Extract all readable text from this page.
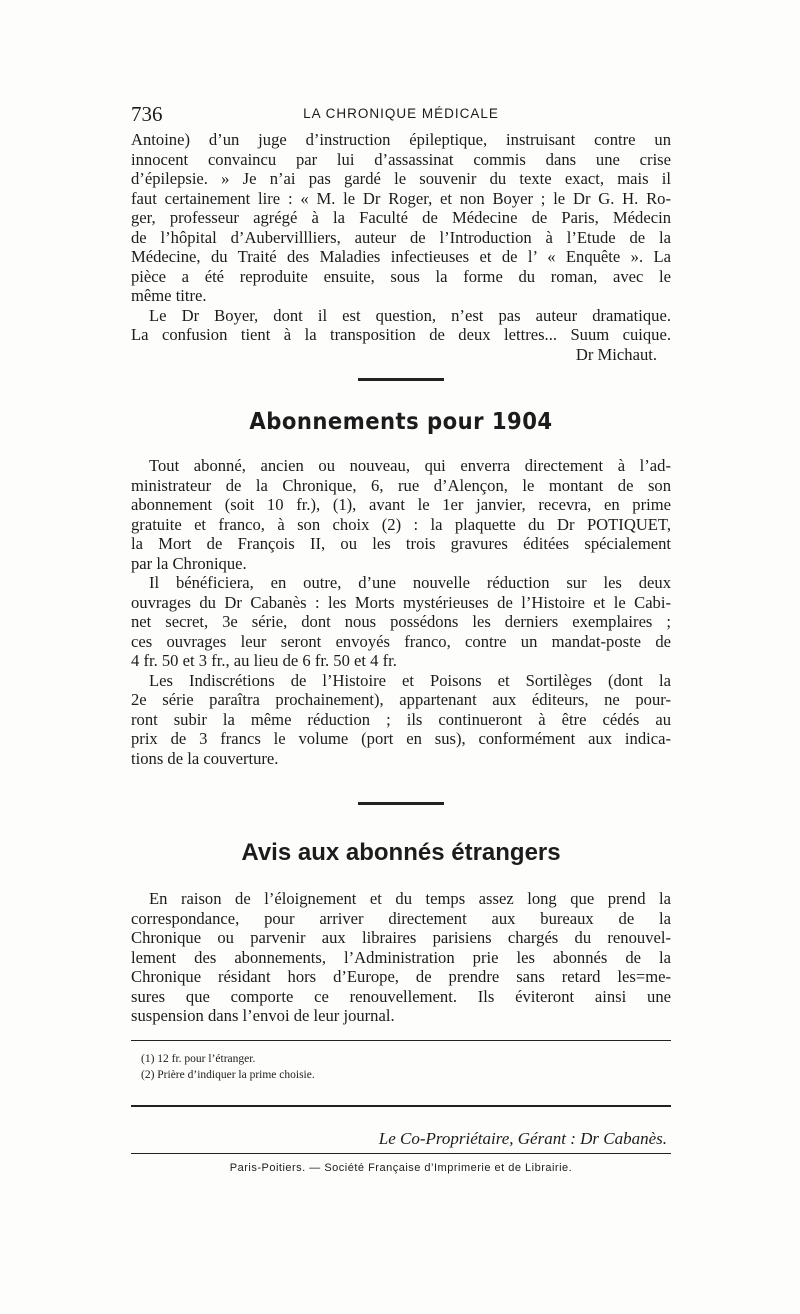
736	LA CHRONIQUE MÉDICALE
Antoine) d’un juge d’instruction épileptique, instruisant contre un
innocent convaincu par lui d’assassinat commis dans une crise
d’épilepsie. » Je n’ai pas gardé le souvenir du texte exact, mais il
faut certainement lire : « M. le Dr Roger, et non Boyer ; le Dr G. H. Ro-
ger, professeur agrégé à la Faculté de Médecine de Paris, Médecin
de l’hôpital d’Aubervillliers, auteur de l’Introduction à l’Etude de la
Médecine, du Traité des Maladies infectieuses et de l’ « Enquête ». La
pièce a été reproduite ensuite, sous la forme du roman, avec le
même titre.
Le Dr Boyer, dont il est question, n’est pas auteur dramatique.
La confusion tient à la transposition de deux lettres... Suum cuique.
Dr Michaut.
Abonnements pour 1904
Tout abonné, ancien ou nouveau, qui enverra directement à l’ad-
ministrateur de la Chronique, 6, rue d’Alençon, le montant de son
abonnement (soit 10 fr.), (1), avant le 1er janvier, recevra, en prime
gratuite et franco, à son choix (2) : la plaquette du Dr POTIQUET,
la Mort de François II, ou les trois gravures éditées spécialement
par la Chronique.
Il bénéficiera, en outre, d’une nouvelle réduction sur les deux
ouvrages du Dr Cabanès : les Morts mystérieuses de l’Histoire et le Cabi-
net secret, 3e série, dont nous possédons les derniers exemplaires ;
ces ouvrages leur seront envoyés franco, contre un mandat-poste de
4 fr. 50 et 3 fr., au lieu de 6 fr. 50 et 4 fr.
Les Indiscrétions de l’Histoire et Poisons et Sortilèges (dont la
2e série paraîtra prochainement), appartenant aux éditeurs, ne pour-
ront subir la même réduction ; ils continueront à être cédés au
prix de 3 francs le volume (port en sus), conformément aux indica-
tions de la couverture.
Avis aux abonnés étrangers
En raison de l’éloignement et du temps assez long que prend la
correspondance, pour arriver directement aux bureaux de la
Chronique ou parvenir aux libraires parisiens chargés du renouvel-
lement des abonnements, l’Administration prie les abonnés de la
Chronique résidant hors d’Europe, de prendre sans retard les=me-
sures que comporte ce renouvellement. Ils éviteront ainsi une
suspension dans l’envoi de leur journal.
(1) 12 fr. pour l’étranger.
(2) Prière d’indiquer la prime choisie.
Le Co-Propriétaire, Gérant : Dr Cabanès.
Paris-Poitiers. — Société Française d’Imprimerie et de Librairie.
